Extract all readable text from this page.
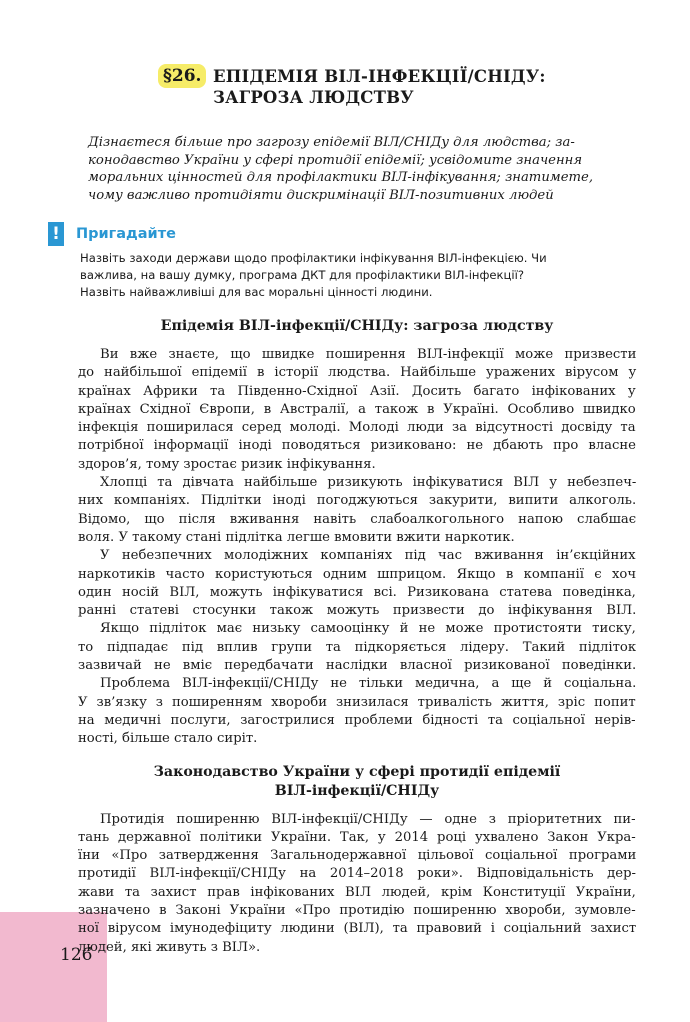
126
§26. ЕПІДЕМІЯ ВІЛ-ІНФЕКЦІЇ/СНІДУ:
ЗАГРОЗА ЛЮДСТВУ
Дізнаєтеся більше про загрозу епідемії ВІЛ/СНІДу для людства; за-
конодавство України у сфері протидії епідемії; усвідомите значення
моральних цінностей для профілактики ВІЛ-інфікування; знатимете,
чому важливо протидіяти дискримінації ВІЛ-позитивних людей
! Пригадайте
Назвіть заходи держави щодо профілактики інфікування ВІЛ-інфекцією. Чи
важлива, на вашу думку, програма ДКТ для профілактики ВІЛ-інфекції?
Назвіть найважливіші для вас моральні цінності людини.
Епідемія ВІЛ-інфекції/СНІДу: загроза людству
Ви вже знаєте, що швидке поширення ВІЛ-інфекції може призвести
до найбільшої епідемії в історії людства. Найбільше уражених вірусом у
країнах Африки та Південно-Східної Азії. Досить багато інфікованих у
країнах Східної Європи, в Австралії, а також в Україні. Особливо швидко
інфекція поширилася серед молоді. Молоді люди за відсутності досвіду та
потрібної інформації іноді поводяться ризиковано: не дбають про власне
здоров’я, тому зростає ризик інфікування.
Хлопці та дівчата найбільше ризикують інфікуватися ВІЛ у небезпеч-
них компаніях. Підлітки іноді погоджуються закурити, випити алкоголь.
Відомо, що після вживання навіть слабоалкогольного напою слабшає
воля. У такому стані підлітка легше вмовити вжити наркотик.
У небезпечних молодіжних компаніях під час вживання ін’єкційних
наркотиків часто користуються одним шприцом. Якщо в компанії є хоч
один носій ВІЛ, можуть інфікуватися всі. Ризикована статева поведінка,
ранні статеві стосунки також можуть призвести до інфікування ВІЛ.
Якщо підліток має низьку самооцінку й не може протистояти тиску,
то підпадає під вплив групи та підкоряється лідеру. Такий підліток
зазвичай не вміє передбачати наслідки власної ризикованої поведінки.
Проблема ВІЛ-інфекції/СНІДу не тільки медична, а ще й соціальна.
У зв’язку з поширенням хвороби знизилася тривалість життя, зріс попит
на медичні послуги, загострилися проблеми бідності та соціальної нерів-
ності, більше стало сиріт.
Законодавство України у сфері протидії епідемії
ВІЛ-інфекції/СНІДу
Протидія поширенню ВІЛ-інфекції/СНІДу — одне з пріоритетних пи-
тань державної політики України. Так, у 2014 році ухвалено Закон Укра-
їни «Про затвердження Загальнодержавної цільової соціальної програми
протидії ВІЛ-інфекції/СНІДу на 2014–2018 роки». Відповідальність дер-
жави та захист прав інфікованих ВІЛ людей, крім Конституції України,
зазначено в Законі України «Про протидію поширенню хвороби, зумовле-
ної вірусом імунодефіциту людини (ВІЛ), та правовий і соціальний захист
людей, які живуть з ВІЛ».
